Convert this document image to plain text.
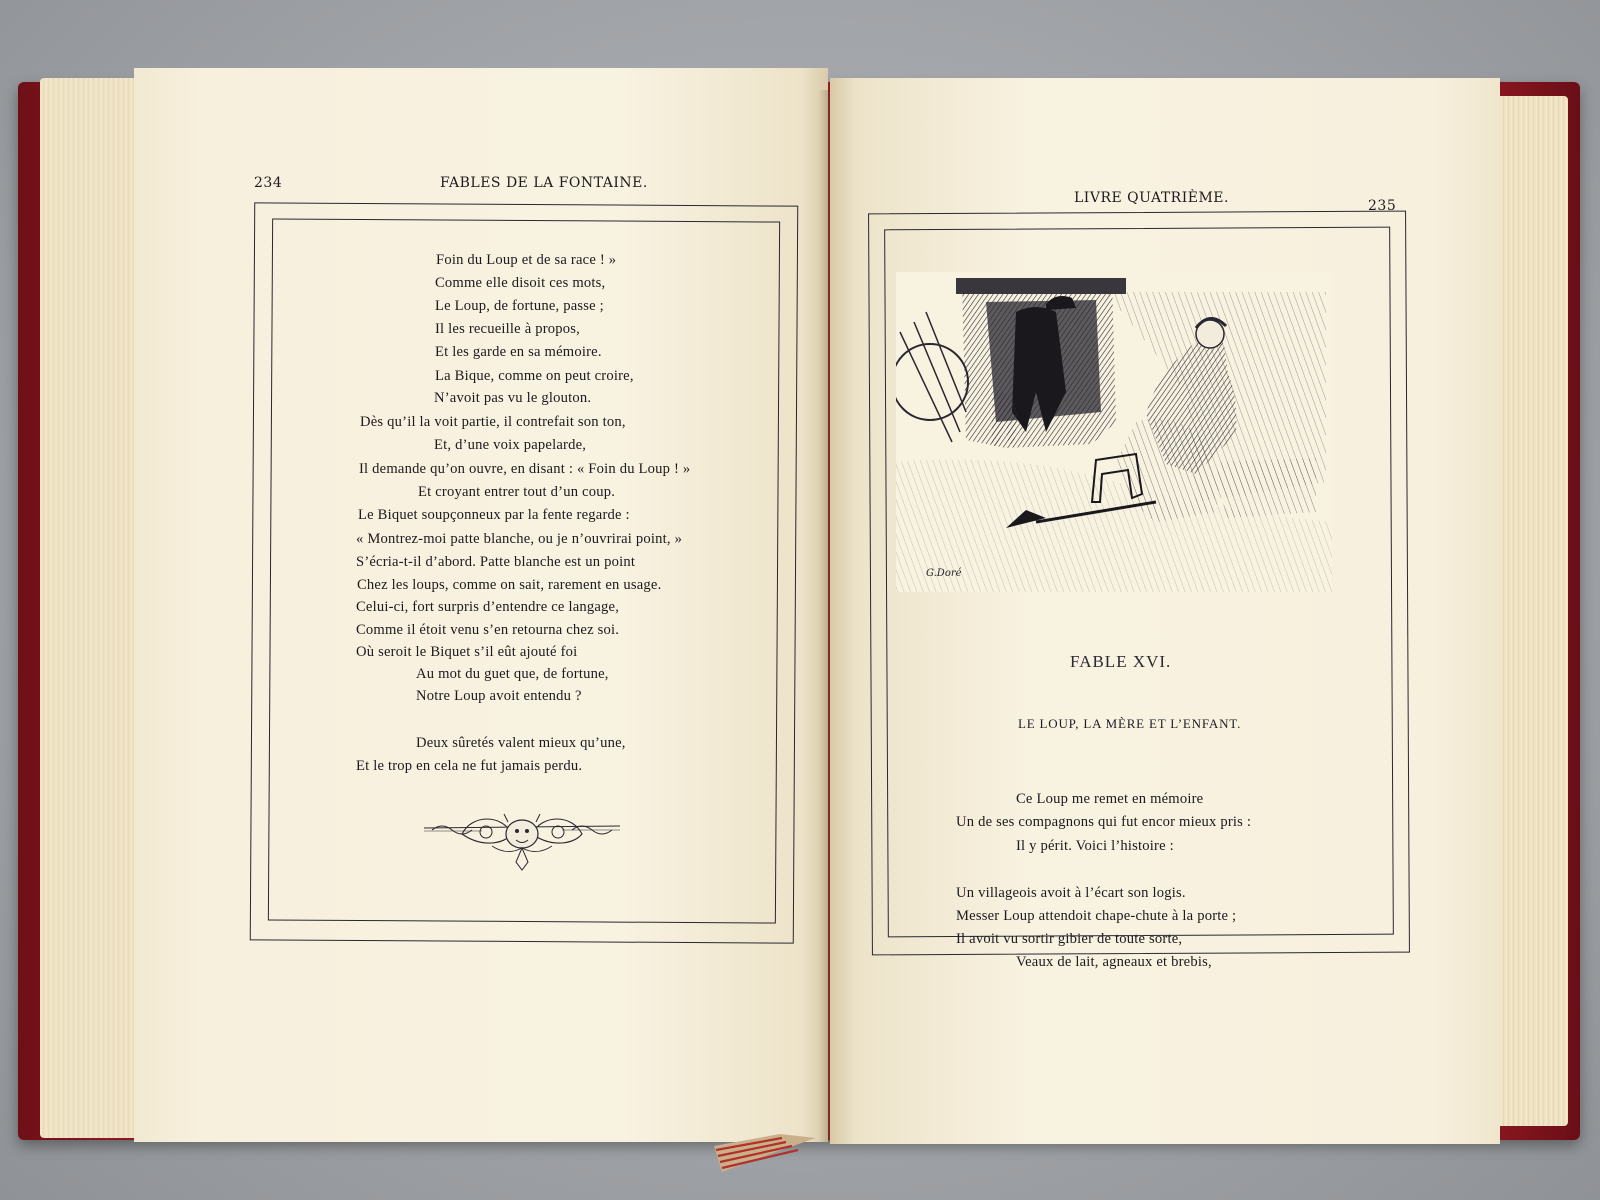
234	FABLES DE LA FONTAINE.
Foin du Loup et de sa race ! »
Comme elle disoit ces mots,
Le Loup, de fortune, passe ;
Il les recueille à propos,
Et les garde en sa mémoire.
La Bique, comme on peut croire,
N’avoit pas vu le glouton.
Dès qu’il la voit partie, il contrefait son ton,
Et, d’une voix papelarde,
Il demande qu’on ouvre, en disant : « Foin du Loup ! »
Et croyant entrer tout d’un coup.
Le Biquet soupçonneux par la fente regarde :
« Montrez-moi patte blanche, ou je n’ouvrirai point, »
S’écria-t-il d’abord. Patte blanche est un point
Chez les loups, comme on sait, rarement en usage.
Celui-ci, fort surpris d’entendre ce langage,
Comme il étoit venu s’en retourna chez soi.
Où seroit le Biquet s’il eût ajouté foi
Au mot du guet que, de fortune,
Notre Loup avoit entendu ?
Deux sûretés valent mieux qu’une,
Et le trop en cela ne fut jamais perdu.
LIVRE QUATRIÈME.	235
G.Doré
FABLE XVI.
LE LOUP, LA MÈRE ET L’ENFANT.
Ce Loup me remet en mémoire
Un de ses compagnons qui fut encor mieux pris :
Il y périt. Voici l’histoire :
Un villageois avoit à l’écart son logis.
Messer Loup attendoit chape-chute à la porte ;
Il avoit vu sortir gibier de toute sorte,
Veaux de lait, agneaux et brebis,
